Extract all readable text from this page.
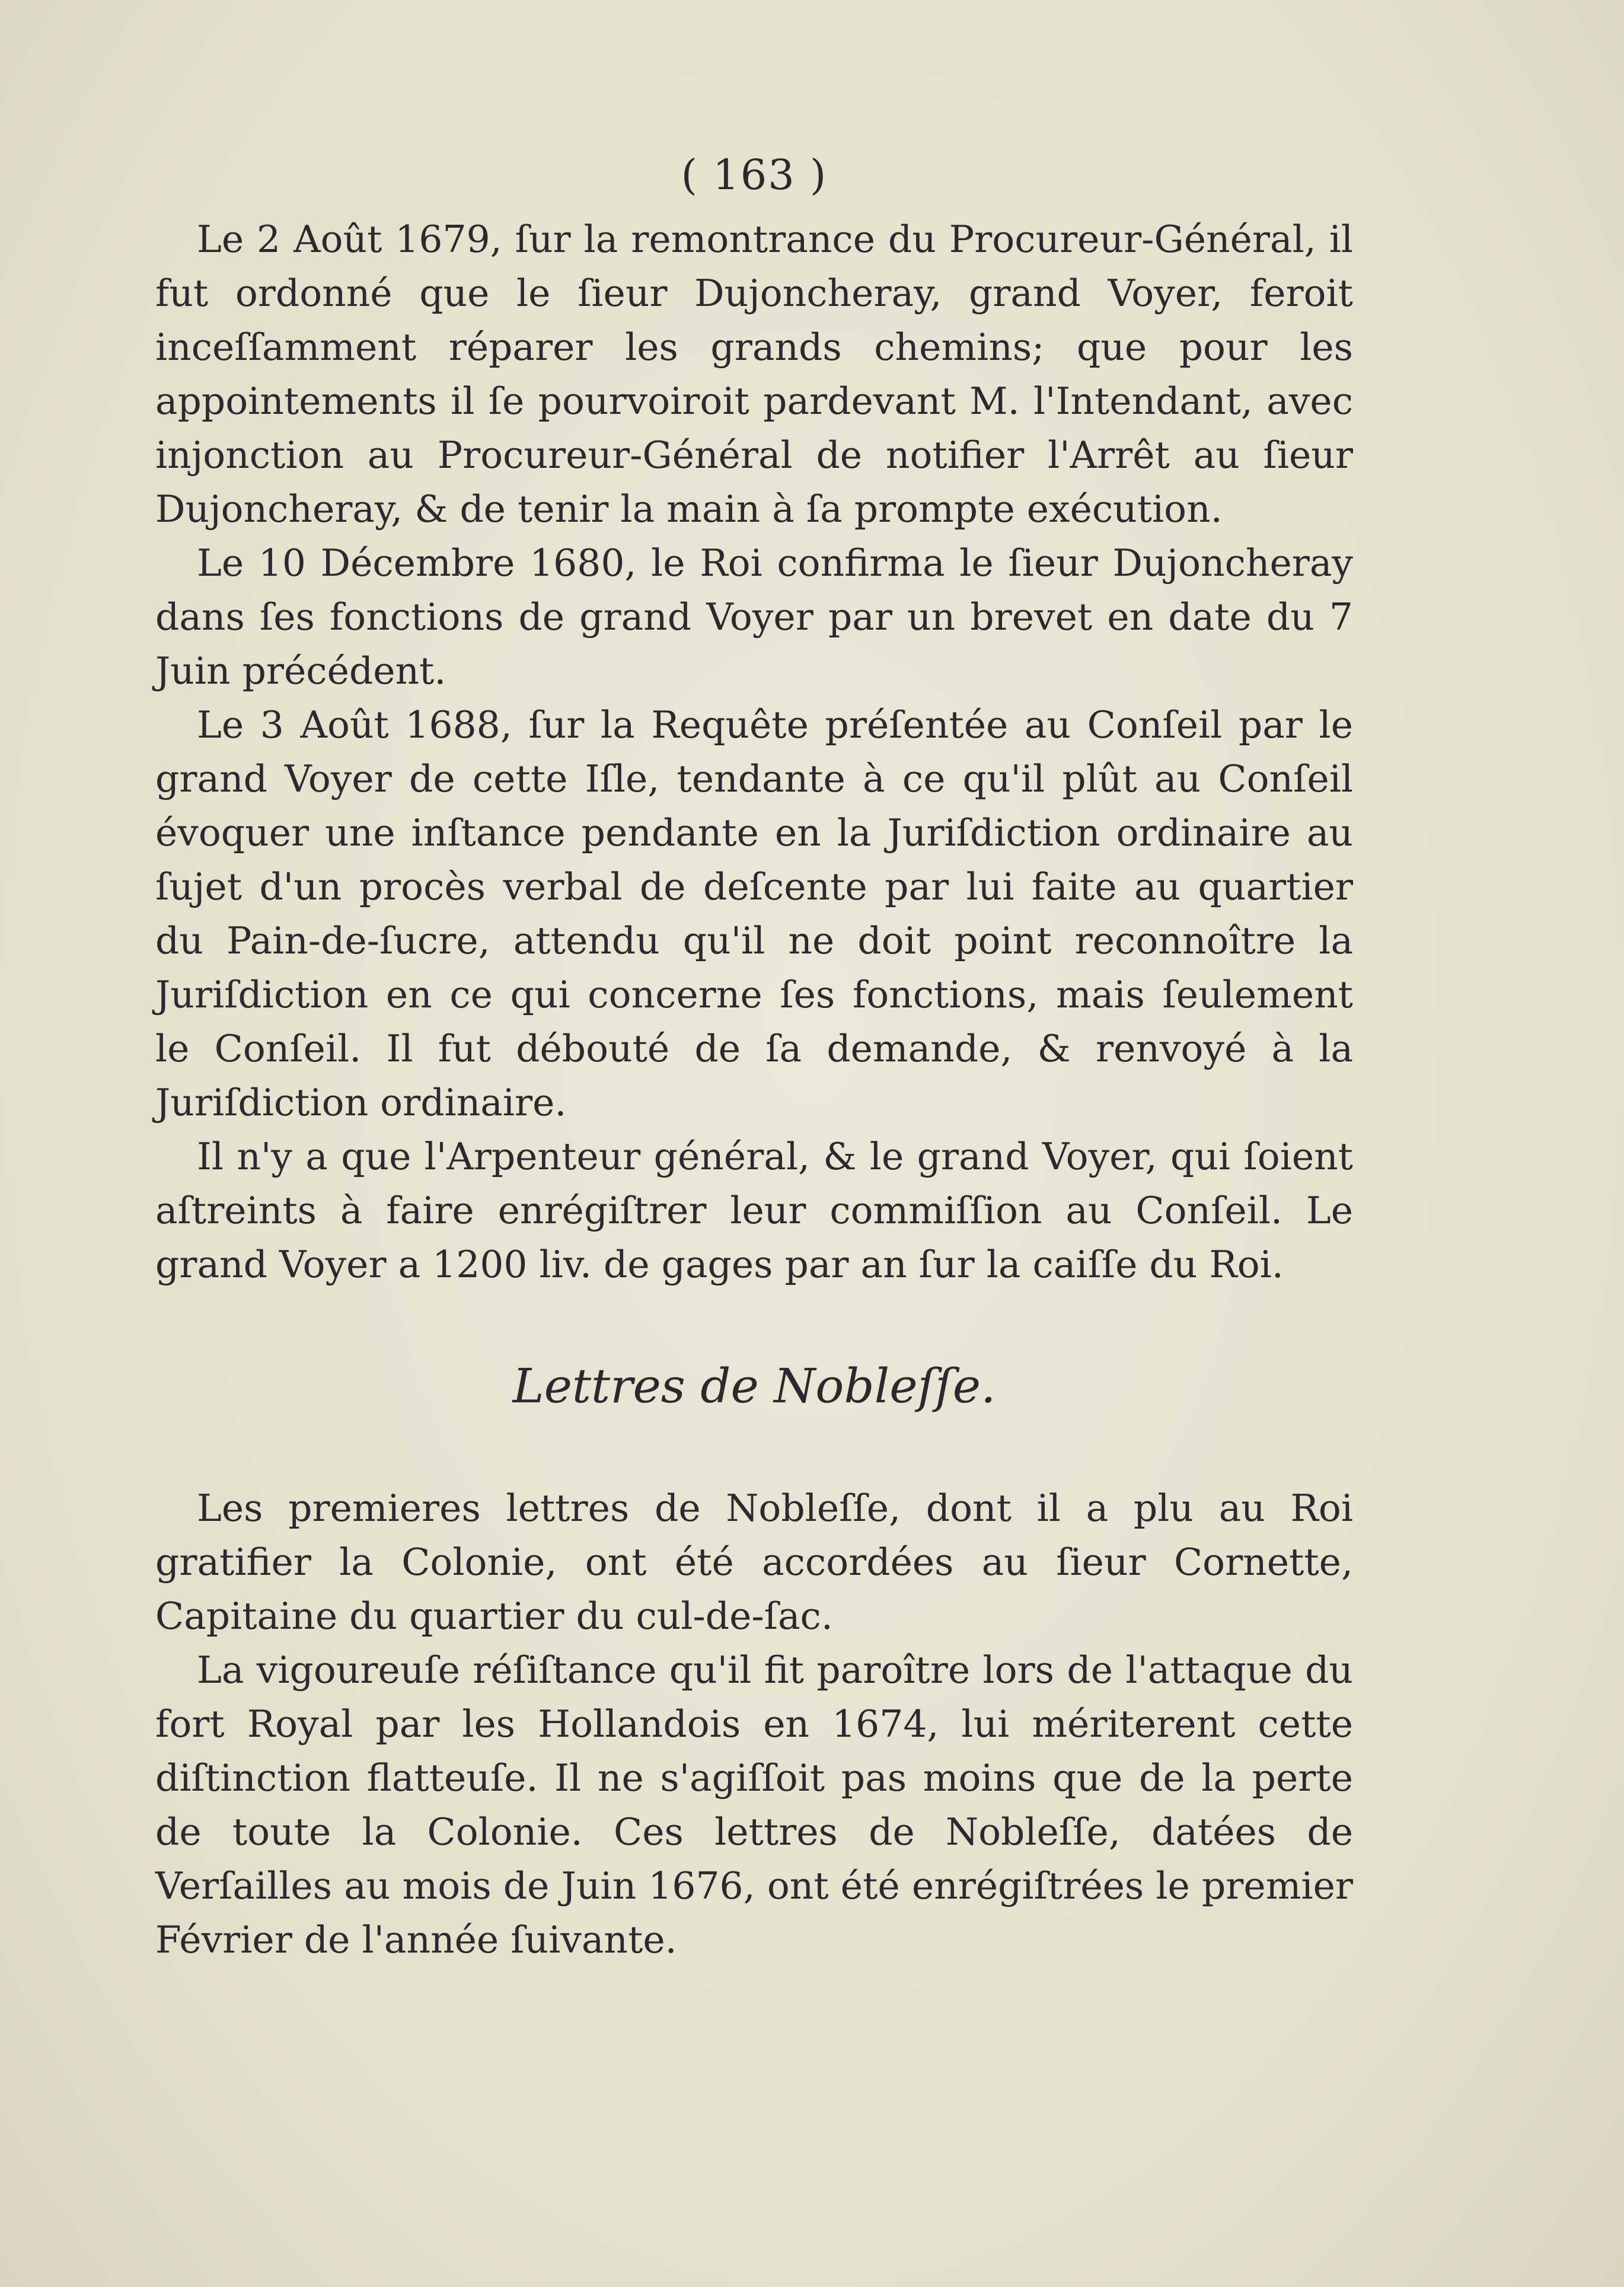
( 163 )

Le 2 Août 1679, ſur la remontrance du Procureur-Général, il fut ordonné que le ſieur Dujoncheray, grand Voyer, feroit inceſſamment réparer les grands chemins; que pour les appointements il ſe pourvoiroit pardevant M. l'Intendant, avec injonction au Procureur-Général de notifier l'Arrêt au ſieur Dujoncheray, & de tenir la main à ſa prompte exécution.

Le 10 Décembre 1680, le Roi confirma le ſieur Dujoncheray dans ſes fonctions de grand Voyer par un brevet en date du 7 Juin précédent.

Le 3 Août 1688, ſur la Requête préſentée au Conſeil par le grand Voyer de cette Iſle, tendante à ce qu'il plût au Conſeil évoquer une inſtance pendante en la Juriſdiction ordinaire au ſujet d'un procès verbal de deſcente par lui faite au quartier du Pain-de-ſucre, attendu qu'il ne doit point reconnoître la Juriſdiction en ce qui concerne ſes fonctions, mais ſeulement le Conſeil. Il fut débouté de ſa demande, & renvoyé à la Juriſdiction ordinaire.

Il n'y a que l'Arpenteur général, & le grand Voyer, qui ſoient aſtreints à faire enrégiſtrer leur commiſſion au Conſeil. Le grand Voyer a 1200 liv. de gages par an ſur la caiſſe du Roi.

Lettres de Nobleſſe.

Les premieres lettres de Nobleſſe, dont il a plu au Roi gratifier la Colonie, ont été accordées au ſieur Cornette, Capitaine du quartier du cul-de-ſac.

La vigoureuſe réſiſtance qu'il fit paroître lors de l'attaque du fort Royal par les Hollandois en 1674, lui mériterent cette diſtinction flatteuſe. Il ne s'agiſſoit pas moins que de la perte de toute la Colonie. Ces lettres de Nobleſſe, datées de Verſailles au mois de Juin 1676, ont été enrégiſtrées le premier Février de l'année ſuivante.
